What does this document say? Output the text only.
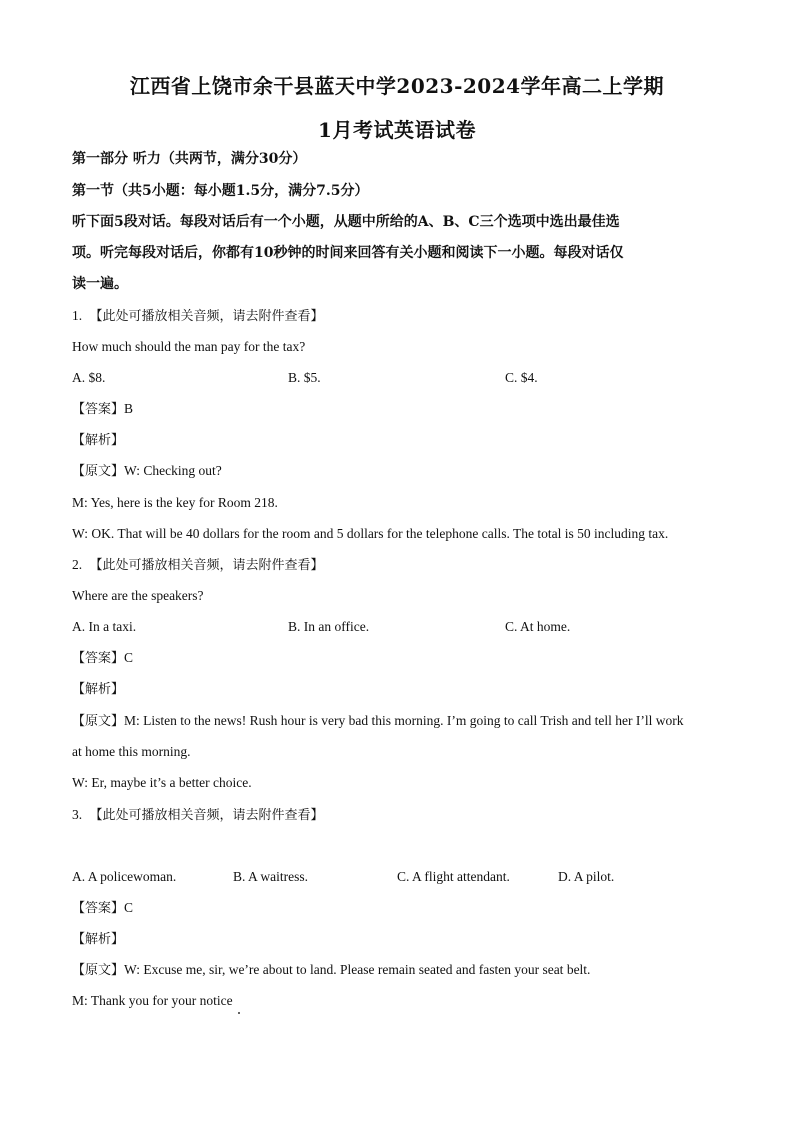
江西省上饶市余干县蓝天中学2023-2024学年高二上学期
1月考试英语试卷
第一部分 听力（共两节，满分30分）
第一节（共5小题：每小题1.5分，满分7.5分）
听下面5段对话。每段对话后有一个小题，从题中所给的A、B、C三个选项中选出最佳选
项。听完每段对话后，你都有10秒钟的时间来回答有关小题和阅读下一小题。每段对话仅
读一遍。
1. 【此处可播放相关音频，请去附件查看】
How much should the man pay for the tax?
A. $8.	B. $5.	C. $4.
【答案】B
【解析】
【原文】W: Checking out?
M: Yes, here is the key for Room 218.
W: OK. That will be 40 dollars for the room and 5 dollars for the telephone calls. The total is 50 including tax.
2. 【此处可播放相关音频，请去附件查看】
Where are the speakers?
A. In a taxi.	B. In an office.	C. At home.
【答案】C
【解析】
【原文】M: Listen to the news! Rush hour is very bad this morning. I’m going to call Trish and tell her I’ll work
at home this morning.
W: Er, maybe it’s a better choice.
3. 【此处可播放相关音频，请去附件查看】
A. A policewoman.	B. A waitress.	C. A flight attendant.	D. A pilot.
【答案】C
【解析】
【原文】W: Excuse me, sir, we’re about to land. Please remain seated and fasten your seat belt.
M: Thank you for your notice
